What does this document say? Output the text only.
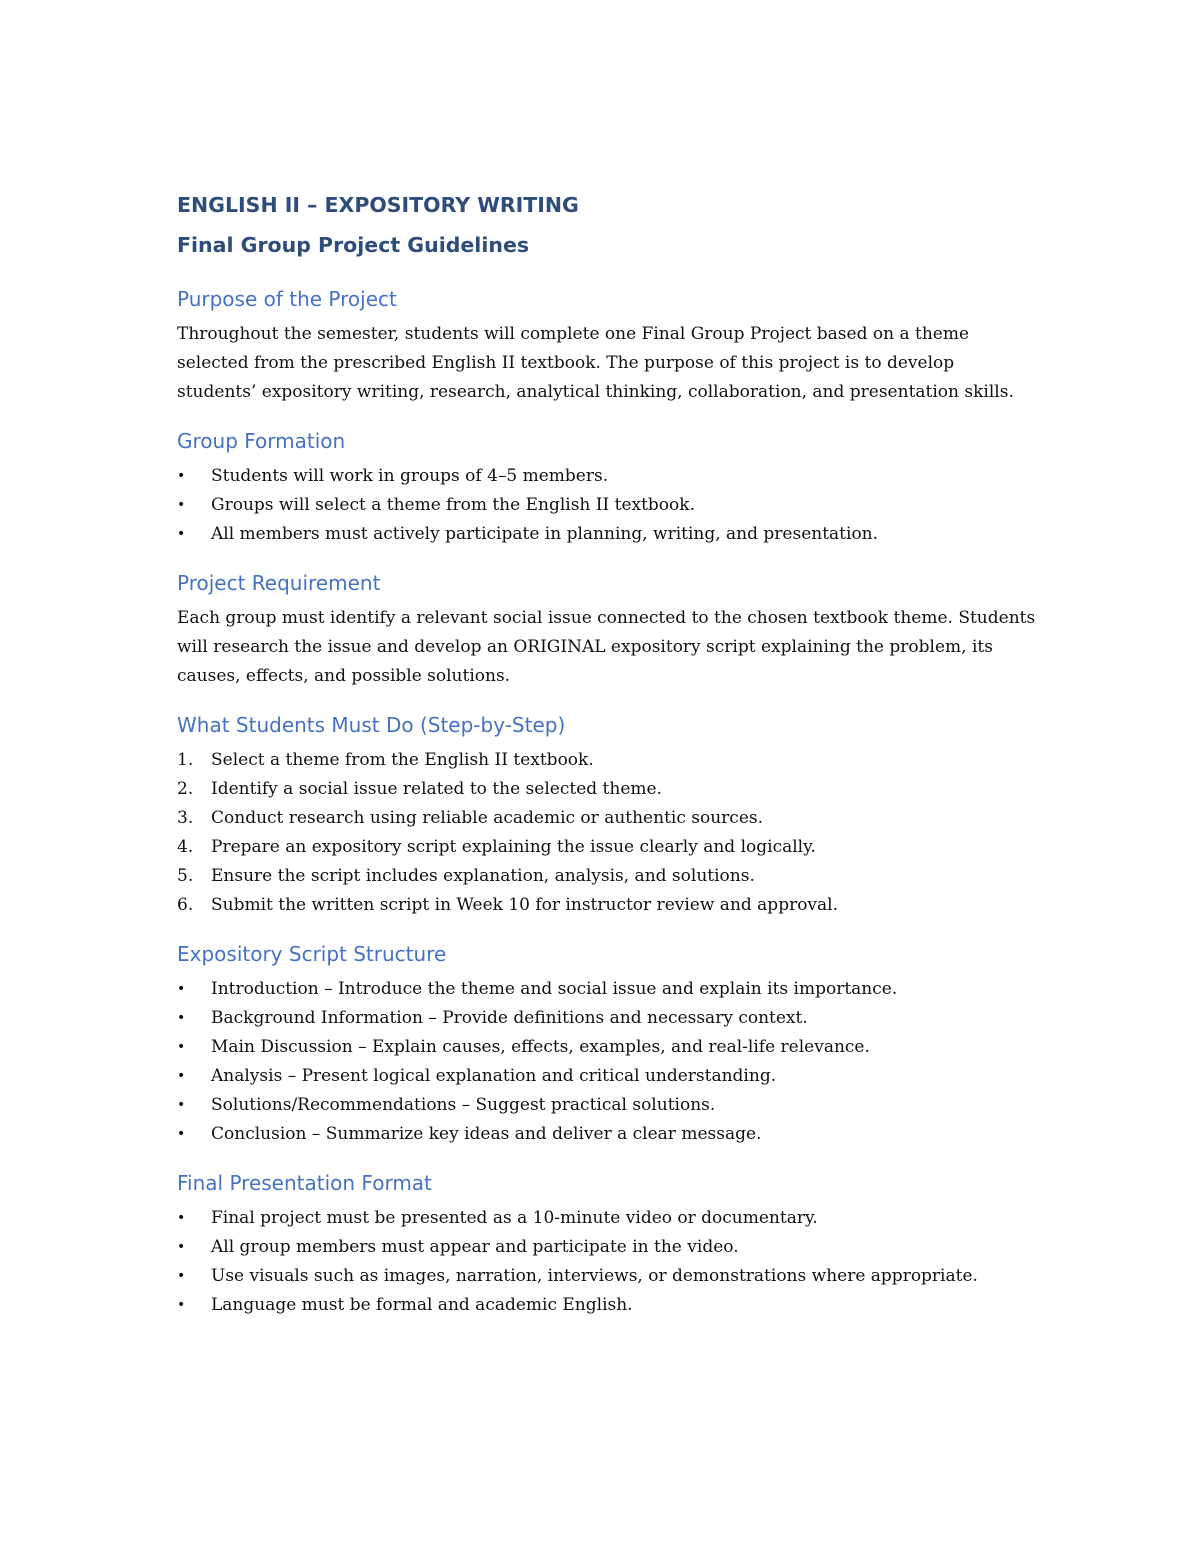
ENGLISH II – EXPOSITORY WRITING
Final Group Project Guidelines
Purpose of the Project

Throughout the semester, students will complete one Final Group Project based on a theme selected from the prescribed English II textbook. The purpose of this project is to develop students’ expository writing, research, analytical thinking, collaboration, and presentation skills.

Group Formation
•	Students will work in groups of 4–5 members.
•	Groups will select a theme from the English II textbook.
•	All members must actively participate in planning, writing, and presentation.
Project Requirement

Each group must identify a relevant social issue connected to the chosen textbook theme. Students will research the issue and develop an ORIGINAL expository script explaining the problem, its causes, effects, and possible solutions.

What Students Must Do (Step-by-Step)
1.	Select a theme from the English II textbook.
2.	Identify a social issue related to the selected theme.
3.	Conduct research using reliable academic or authentic sources.
4.	Prepare an expository script explaining the issue clearly and logically.
5.	Ensure the script includes explanation, analysis, and solutions.
6.	Submit the written script in Week 10 for instructor review and approval.
Expository Script Structure
•	Introduction – Introduce the theme and social issue and explain its importance.
•	Background Information – Provide definitions and necessary context.
•	Main Discussion – Explain causes, effects, examples, and real-life relevance.
•	Analysis – Present logical explanation and critical understanding.
•	Solutions/Recommendations – Suggest practical solutions.
•	Conclusion – Summarize key ideas and deliver a clear message.
Final Presentation Format
•	Final project must be presented as a 10-minute video or documentary.
•	All group members must appear and participate in the video.
•	Use visuals such as images, narration, interviews, or demonstrations where appropriate.
•	Language must be formal and academic English.
